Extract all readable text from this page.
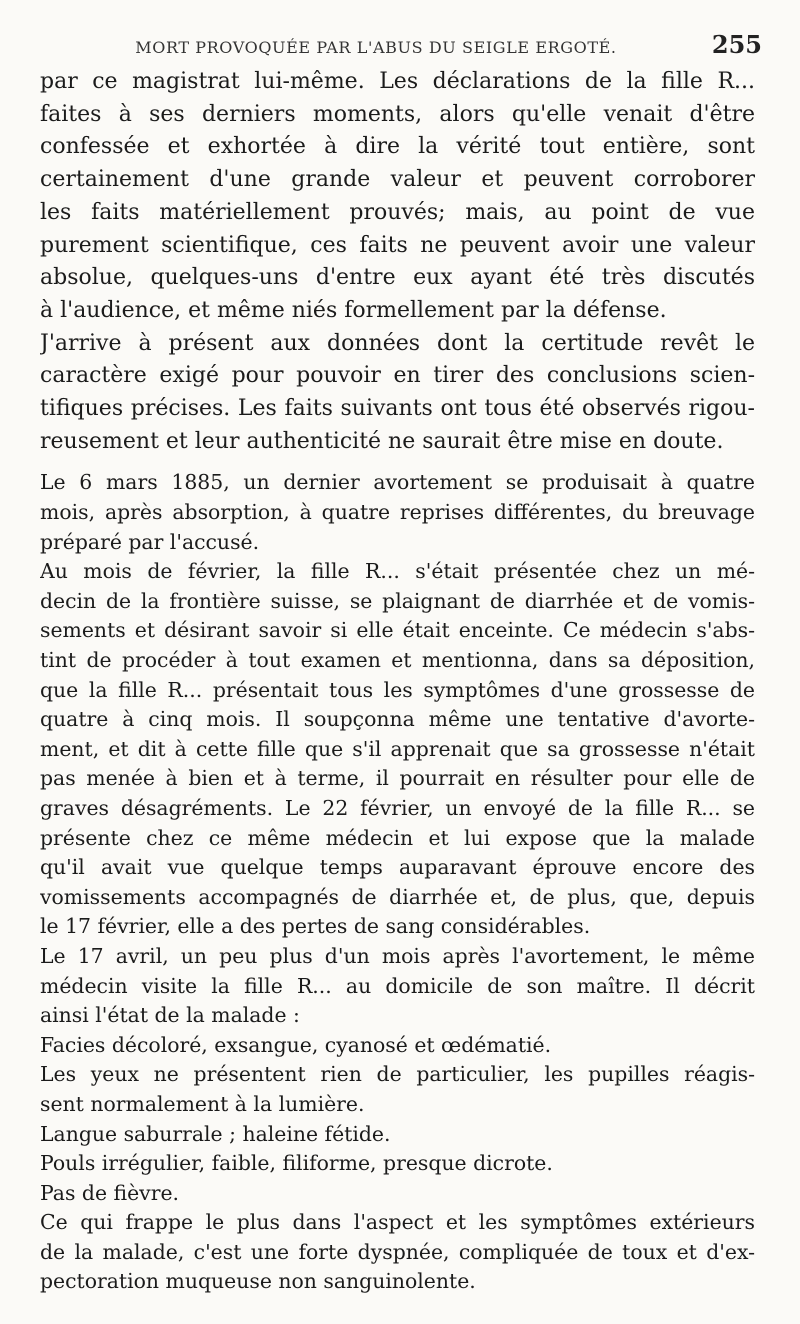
MORT PROVOQUÉE PAR L'ABUS DU SEIGLE ERGOTÉ.	255
par ce magistrat lui-même. Les déclarations de la fille R...
faites à ses derniers moments, alors qu'elle venait d'être
confessée et exhortée à dire la vérité tout entière, sont
certainement d'une grande valeur et peuvent corroborer
les faits matériellement prouvés; mais, au point de vue
purement scientifique, ces faits ne peuvent avoir une valeur
absolue, quelques-uns d'entre eux ayant été très discutés
à l'audience, et même niés formellement par la défense.
J'arrive à présent aux données dont la certitude revêt le
caractère exigé pour pouvoir en tirer des conclusions scien-
tifiques précises. Les faits suivants ont tous été observés rigou-
reusement et leur authenticité ne saurait être mise en doute.
Le 6 mars 1885, un dernier avortement se produisait à quatre
mois, après absorption, à quatre reprises différentes, du breuvage
préparé par l'accusé.
Au mois de février, la fille R... s'était présentée chez un mé-
decin de la frontière suisse, se plaignant de diarrhée et de vomis-
sements et désirant savoir si elle était enceinte. Ce médecin s'abs-
tint de procéder à tout examen et mentionna, dans sa déposition,
que la fille R... présentait tous les symptômes d'une grossesse de
quatre à cinq mois. Il soupçonna même une tentative d'avorte-
ment, et dit à cette fille que s'il apprenait que sa grossesse n'était
pas menée à bien et à terme, il pourrait en résulter pour elle de
graves désagréments. Le 22 février, un envoyé de la fille R... se
présente chez ce même médecin et lui expose que la malade
qu'il avait vue quelque temps auparavant éprouve encore des
vomissements accompagnés de diarrhée et, de plus, que, depuis
le 17 février, elle a des pertes de sang considérables.
Le 17 avril, un peu plus d'un mois après l'avortement, le même
médecin visite la fille R... au domicile de son maître. Il décrit
ainsi l'état de la malade :
Facies décoloré, exsangue, cyanosé et œdématié.
Les yeux ne présentent rien de particulier, les pupilles réagis-
sent normalement à la lumière.
Langue saburrale ; haleine fétide.
Pouls irrégulier, faible, filiforme, presque dicrote.
Pas de fièvre.
Ce qui frappe le plus dans l'aspect et les symptômes extérieurs
de la malade, c'est une forte dyspnée, compliquée de toux et d'ex-
pectoration muqueuse non sanguinolente.
